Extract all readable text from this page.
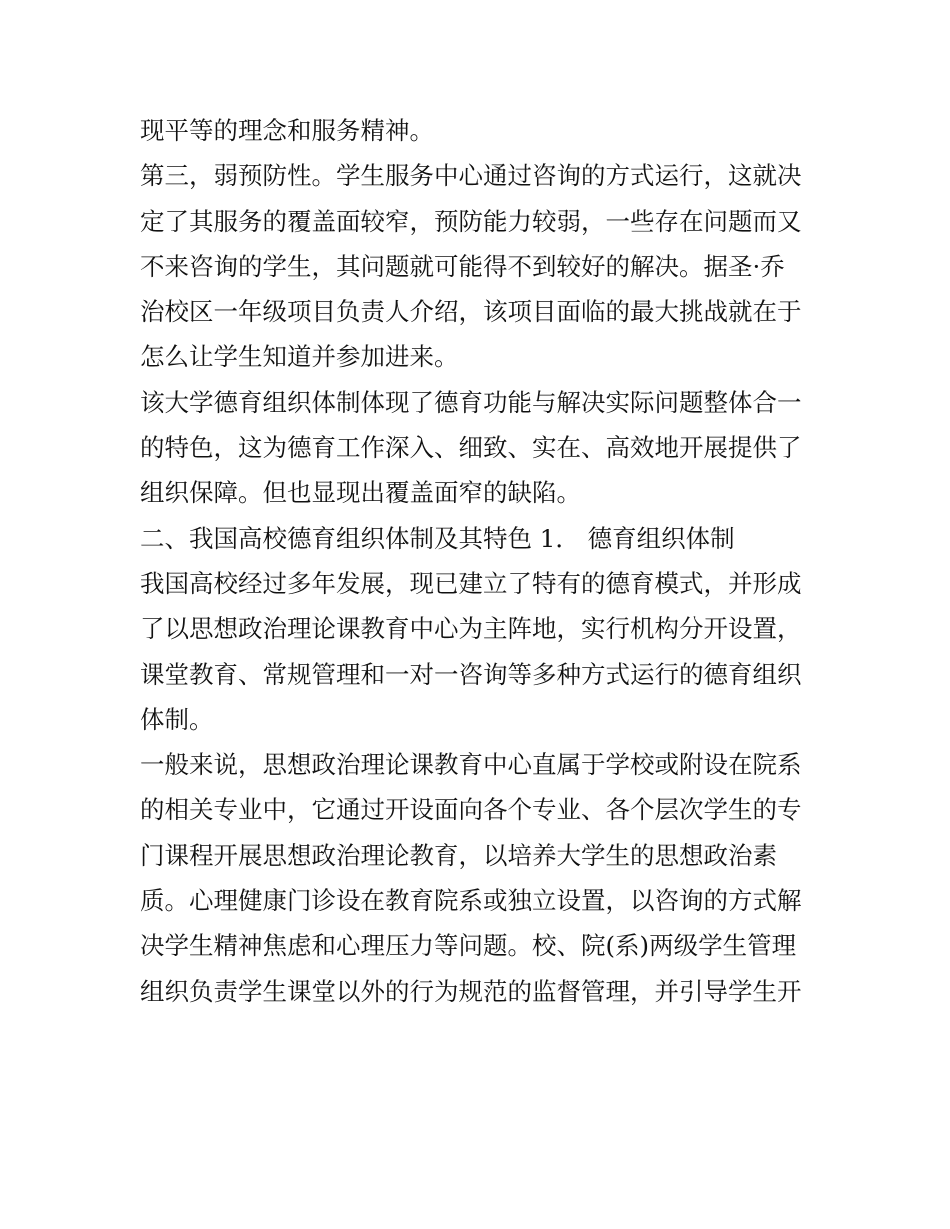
现平等的理念和服务精神。
第三，弱预防性。学生服务中心通过咨询的方式运行，这就决
定了其服务的覆盖面较窄，预防能力较弱，一些存在问题而又
不来咨询的学生，其问题就可能得不到较好的解决。据圣·乔
治校区一年级项目负责人介绍，该项目面临的最大挑战就在于
怎么让学生知道并参加进来。
该大学德育组织体制体现了德育功能与解决实际问题整体合一
的特色，这为德育工作深入、细致、实在、高效地开展提供了
组织保障。但也显现出覆盖面窄的缺陷。
二、我国高校德育组织体制及其特色 1． 德育组织体制
我国高校经过多年发展，现已建立了特有的德育模式，并形成
了以思想政治理论课教育中心为主阵地，实行机构分开设置，
课堂教育、常规管理和一对一咨询等多种方式运行的德育组织
体制。
一般来说，思想政治理论课教育中心直属于学校或附设在院系
的相关专业中，它通过开设面向各个专业、各个层次学生的专
门课程开展思想政治理论教育，以培养大学生的思想政治素
质。心理健康门诊设在教育院系或独立设置，以咨询的方式解
决学生精神焦虑和心理压力等问题。校、院(系)两级学生管理
组织负责学生课堂以外的行为规范的监督管理，并引导学生开
